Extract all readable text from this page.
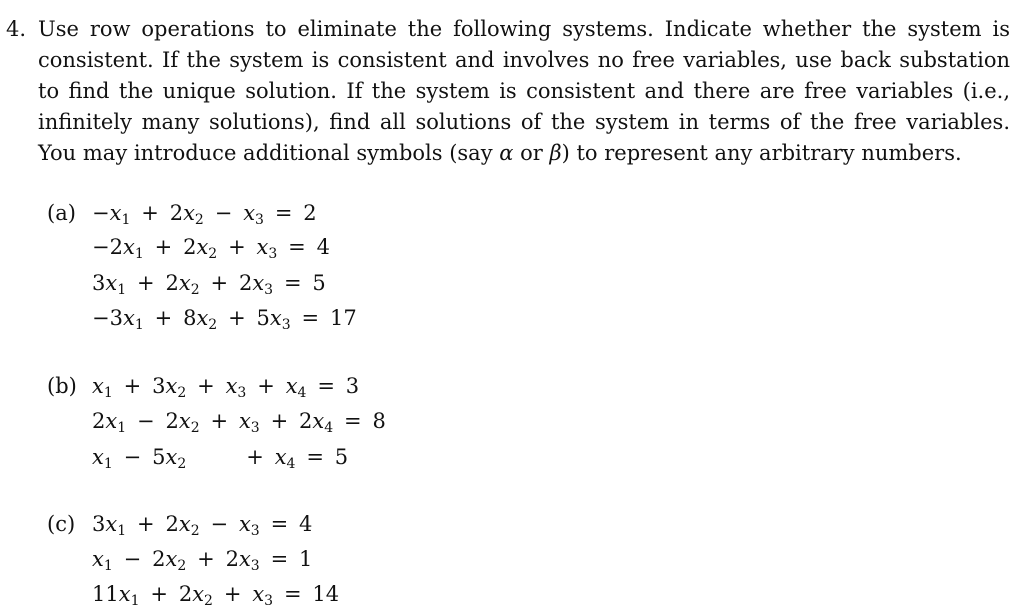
4. Use row operations to eliminate the following systems. Indicate whether the system is
consistent. If the system is consistent and involves no free variables, use back substation
to find the unique solution. If the system is consistent and there are free variables (i.e.,
infinitely many solutions), find all solutions of the system in terms of the free variables.
You may introduce additional symbols (say α or β) to represent any arbitrary numbers.
$(a) -x_1 + 2x_2 - x_3 = 2$
$-2x_1 + 2x_2 + x_3 = 4$
$3x_1 + 2x_2 + 2x_3 = 5$
$-3x_1 + 8x_2 + 5x_3 = 17$
(b) $x_1 + 3x_2 + x_3 + x_4 = 3$
$2x_1 - 2x_2 + x_3 + 2x_4 = 8$
$x_1 - 5x_2$	+  $x_4 = 5$
(c) $3x_1 + 2x_2 - x_3 = 4$
$x_1 - 2x_2 + 2x_3 = 1$
$11x_1 + 2x_2 + x_3 = 14$
